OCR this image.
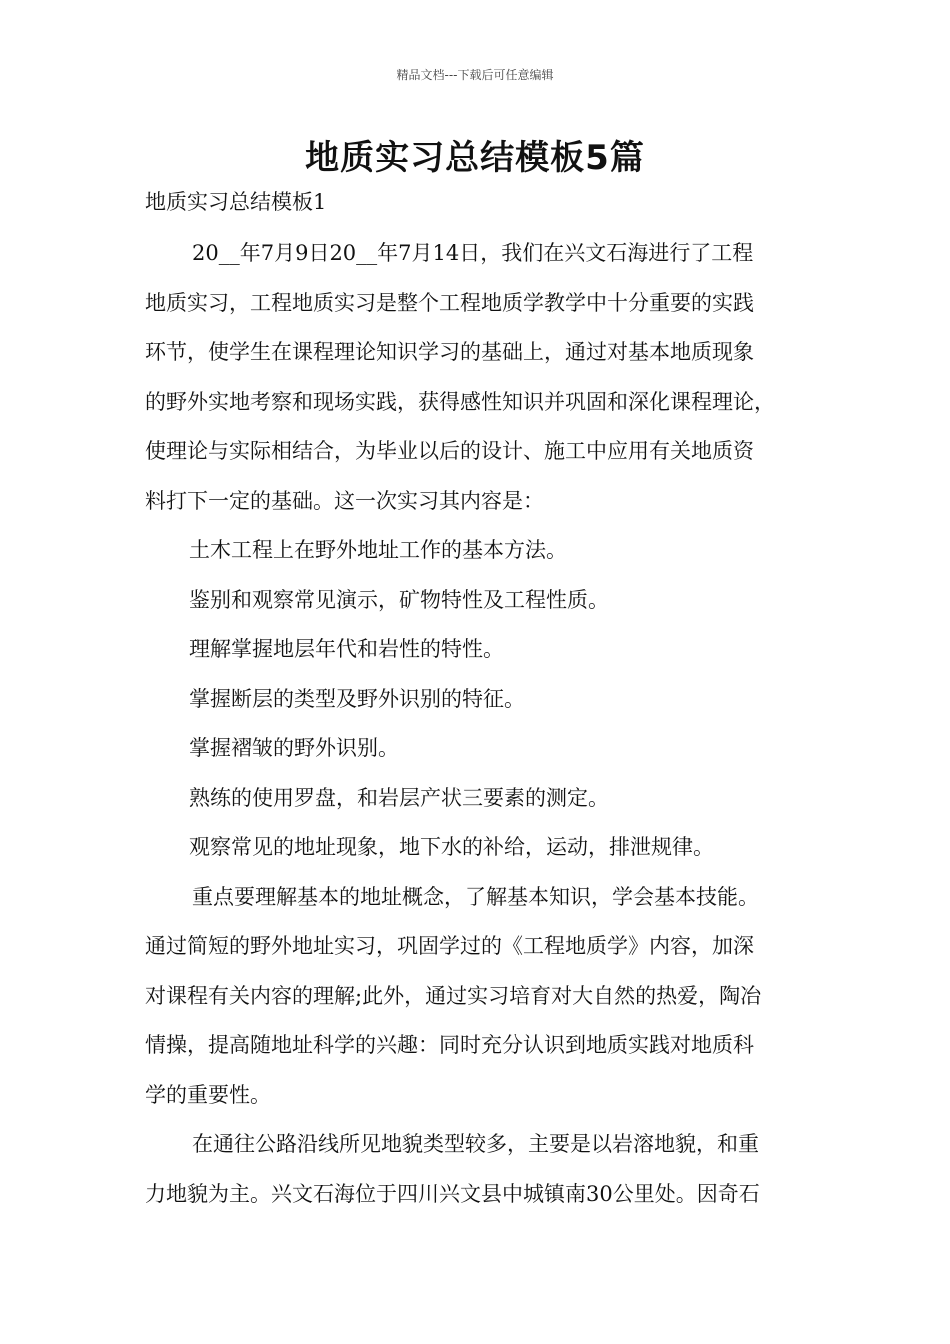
精品文档---下载后可任意编辑
地质实习总结模板5篇
地质实习总结模板1

20__年7月9日20__年7月14日，我们在兴文石海进行了工程

地质实习，工程地质实习是整个工程地质学教学中十分重要的实践

环节，使学生在课程理论知识学习的基础上，通过对基本地质现象

的野外实地考察和现场实践，获得感性知识并巩固和深化课程理论，

使理论与实际相结合，为毕业以后的设计、施工中应用有关地质资

料打下一定的基础。这一次实习其内容是：

土木工程上在野外地址工作的基本方法。

鉴别和观察常见演示，矿物特性及工程性质。

理解掌握地层年代和岩性的特性。

掌握断层的类型及野外识别的特征。

掌握褶皱的野外识别。

熟练的使用罗盘，和岩层产状三要素的测定。

观察常见的地址现象，地下水的补给，运动，排泄规律。

重点要理解基本的地址概念，了解基本知识，学会基本技能。

通过简短的野外地址实习，巩固学过的《工程地质学》内容，加深

对课程有关内容的理解;此外，通过实习培育对大自然的热爱，陶冶

情操，提高随地址科学的兴趣：同时充分认识到地质实践对地质科

学的重要性。

在通往公路沿线所见地貌类型较多，主要是以岩溶地貌，和重

力地貌为主。兴文石海位于四川兴文县中城镇南30公里处。因奇石
